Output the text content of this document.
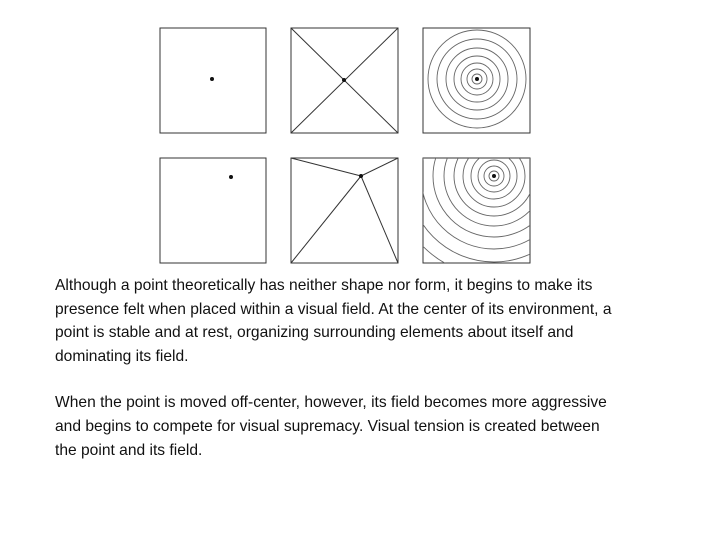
Although a point theoretically has neither shape nor form, it begins to make its presence felt when placed within a visual field. At the center of its environment, a point is stable and at rest, organizing surrounding elements about itself and dominating its field.

When the point is moved off-center, however, its field becomes more aggressive and begins to compete for visual supremacy. Visual tension is created between the point and its field.
